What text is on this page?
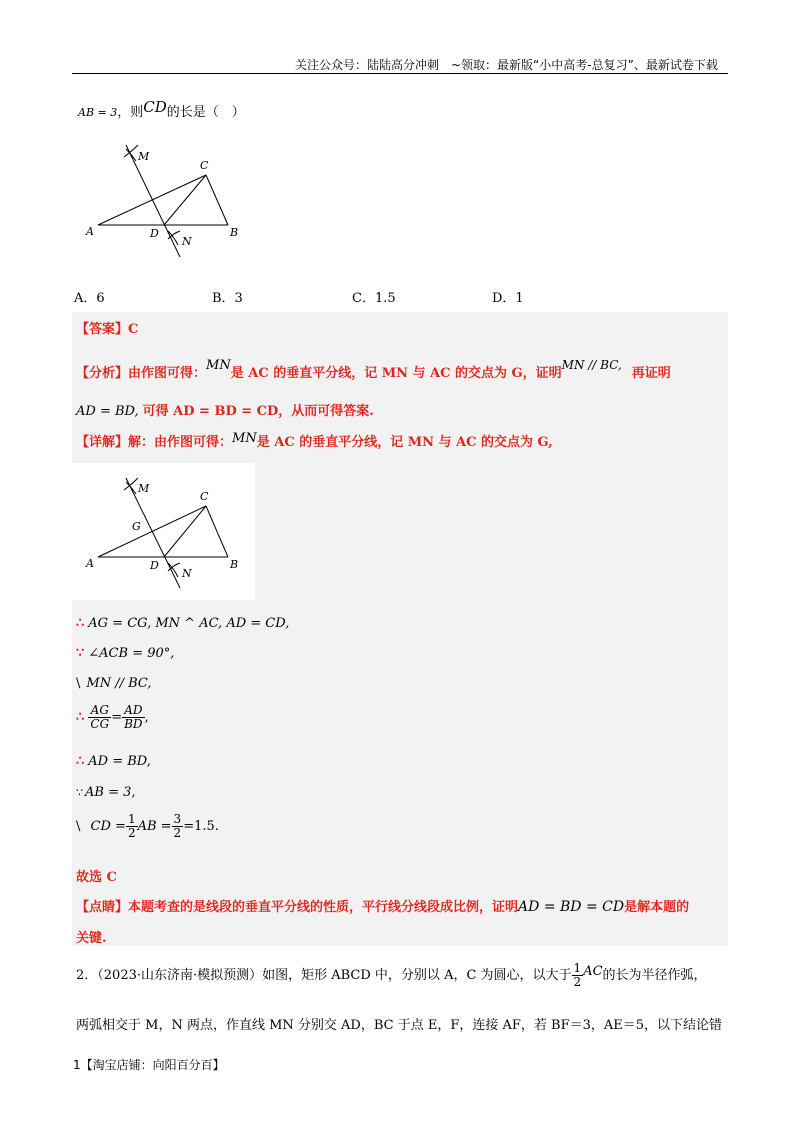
关注公众号：陆陆高分冲刺　~领取：最新版“小中高考-总复习”、最新试卷下载
AB = 3，则CD的长是（　）
M
C
A	D
N
B
A．6	B．3	C．1.5	D．1
【答案】C
【分析】由作图可得：MN是 AC 的垂直平分线，记 MN 与 AC 的交点为 G，证明MN // BC,再证明
AD = BD, 可得 AD = BD = CD，从而可得答案.
【详解】解：由作图可得：MN是 AC 的垂直平分线，记 MN 与 AC 的交点为 G,
M
C
G
A	D
N
B
∴ AG = CG, MN ^ AC, AD = CD,
∵ ∠ACB = 90°,
\ MN // BC,
∴ $\frac{AG}{CG} = \frac{AD}{BD}$ ,
∴ AD = BD,
∵ AB = 3,
\ CD = $\frac{1}{2}$ AB = $\frac{3}{2} =1.5$.
故选 C
【点睛】本题考查的是线段的垂直平分线的性质，平行线分线段成比例，证明AD = BD = CD是解本题的
关键.
2．（2023·山东济南·模拟预测）如图，矩形 ABCD 中，分别以 A，C 为圆心，以大于 $\frac{1}{2}$ AC的长为半径作弧，
两弧相交于 M，N 两点，作直线 MN 分别交 AD，BC 于点 E，F，连接 AF，若 BF＝3，AE＝5，以下结论错
1【淘宝店铺：向阳百分百】
